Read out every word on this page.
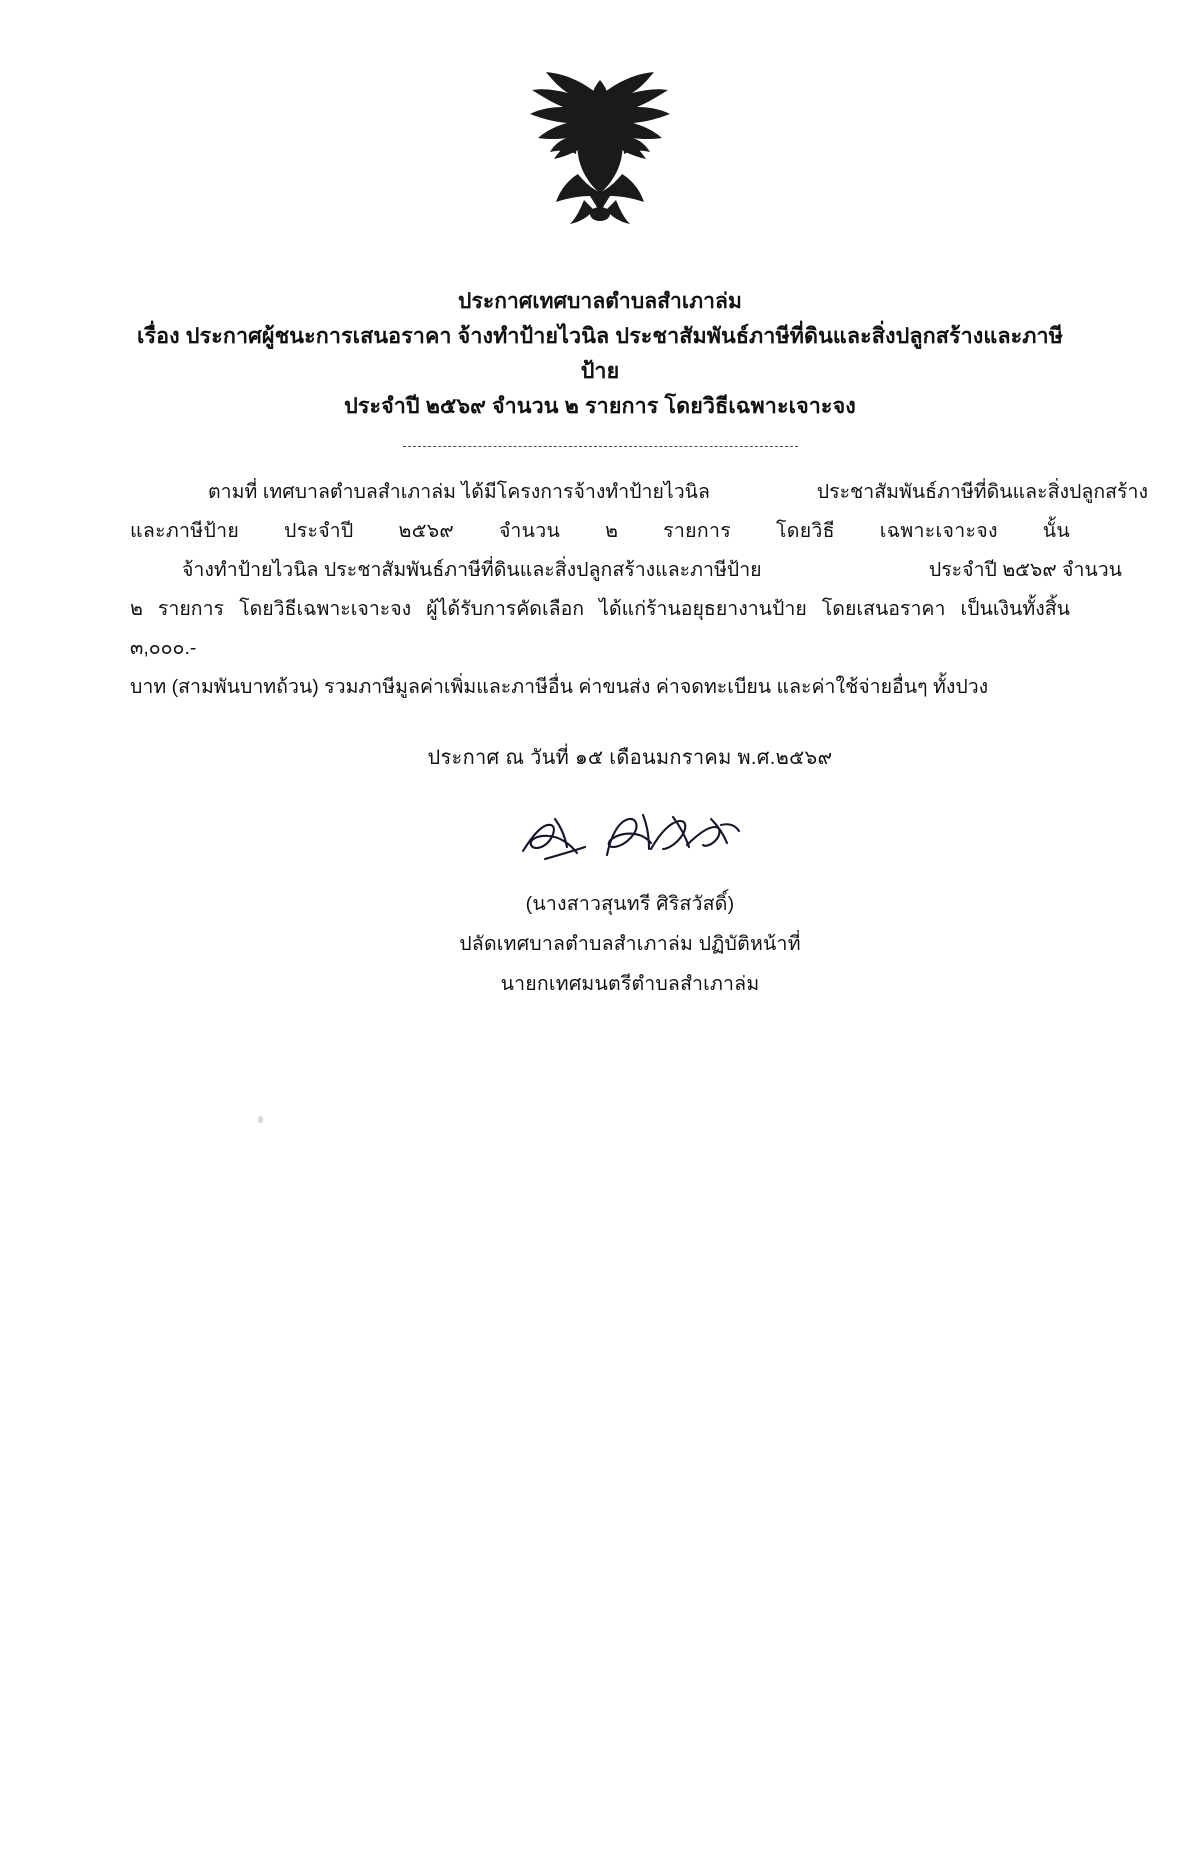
ประกาศเทศบาลตำบลสำเภาล่ม
เรื่อง ประกาศผู้ชนะการเสนอราคา จ้างทำป้ายไวนิล ประชาสัมพันธ์ภาษีที่ดินและสิ่งปลูกสร้างและภาษีป้าย
ประจำปี ๒๕๖๙ จำนวน ๒ รายการ โดยวิธีเฉพาะเจาะจง
ตามที่ เทศบาลตำบลสำเภาล่ม ได้มีโครงการจ้างทำป้ายไวนิล	ประชาสัมพันธ์ภาษีที่ดินและสิ่งปลูกสร้าง
และภาษีป้าย ประจำปี ๒๕๖๙ จำนวน ๒ รายการ โดยวิธี เฉพาะเจาะจง นั้น
จ้างทำป้ายไวนิล ประชาสัมพันธ์ภาษีที่ดินและสิ่งปลูกสร้างและภาษีป้าย	ประจำปี ๒๕๖๙ จำนวน

๒ รายการ โดยวิธีเฉพาะเจาะจง ผู้ได้รับการคัดเลือก ได้แก่ร้านอยุธยางานป้าย โดยเสนอราคา เป็นเงินทั้งสิ้น ๓,๐๐๐.-

บาท (สามพันบาทถ้วน) รวมภาษีมูลค่าเพิ่มและภาษีอื่น ค่าขนส่ง ค่าจดทะเบียน และค่าใช้จ่ายอื่นๆ ทั้งปวง

ประกาศ ณ วันที่ ๑๕ เดือนมกราคม พ.ศ.๒๕๖๙
(นางสาวสุนทรี ศิริสวัสดิ์)
ปลัดเทศบาลตำบลสำเภาล่ม ปฏิบัติหน้าที่
นายกเทศมนตรีตำบลสำเภาล่ม
